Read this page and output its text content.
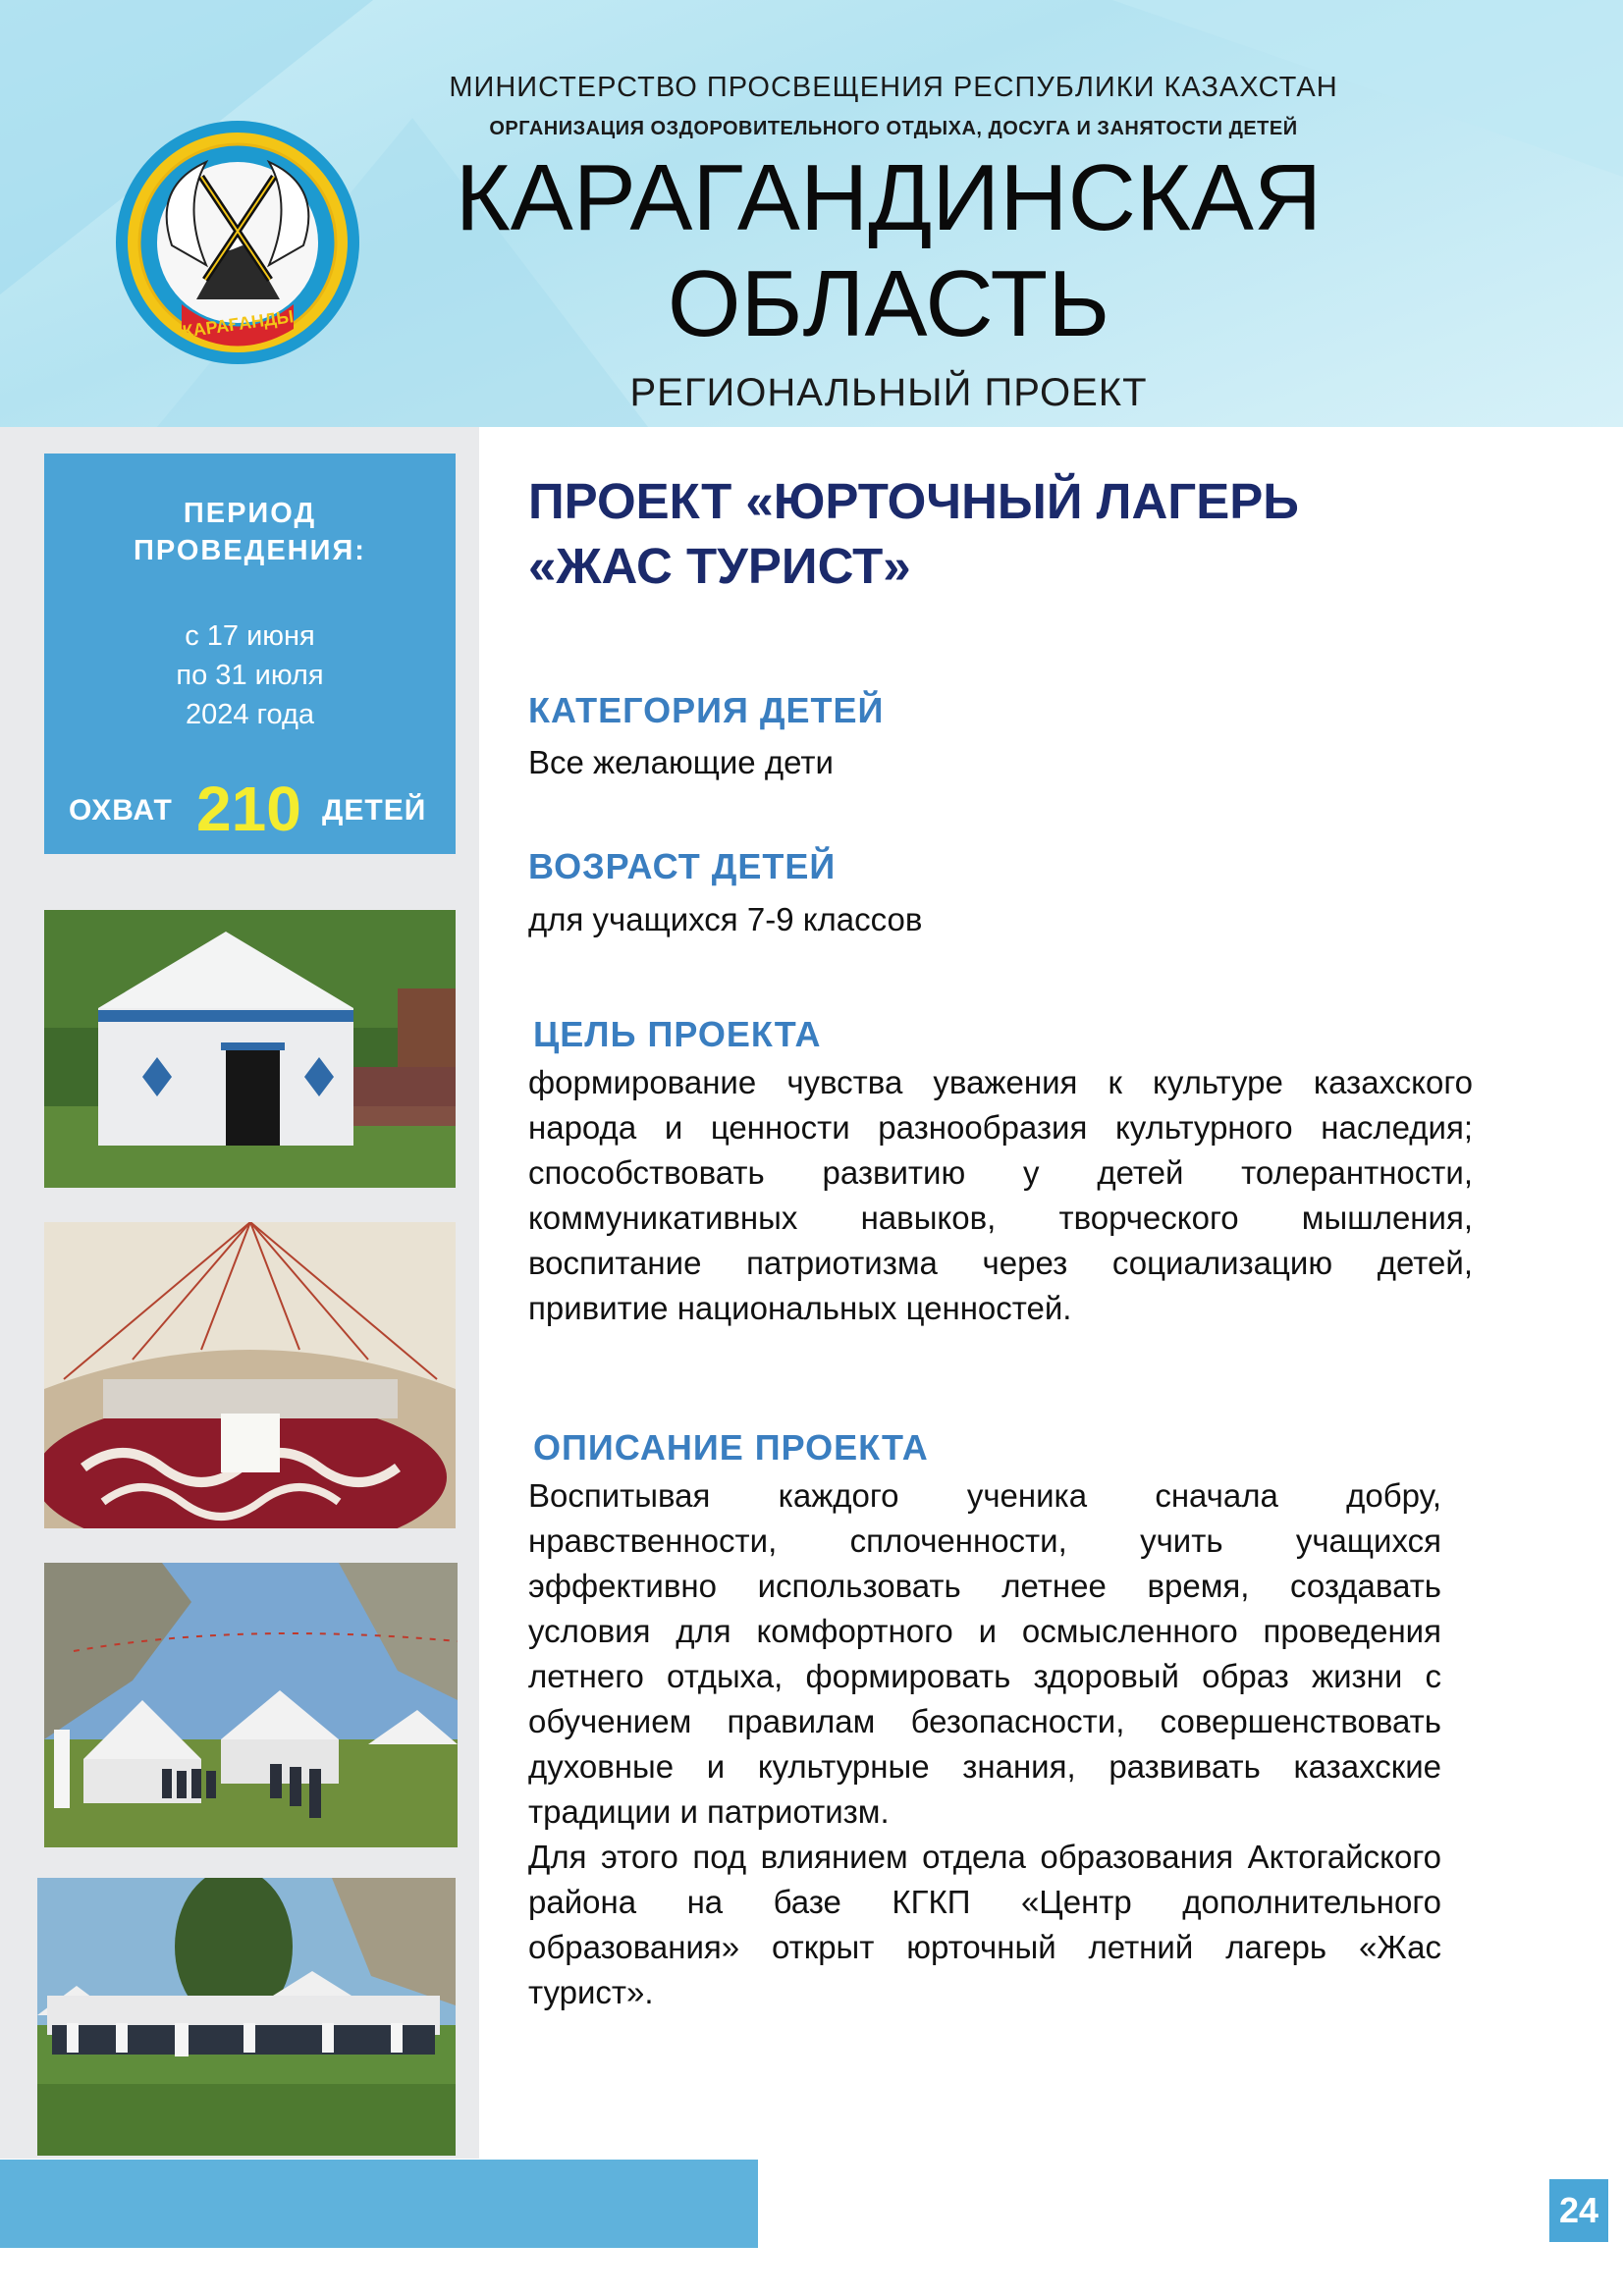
ҚАРАҒАНДЫ
МИНИСТЕРСТВО ПРОСВЕЩЕНИЯ РЕСПУБЛИКИ КАЗАХСТАН
ОРГАНИЗАЦИЯ ОЗДОРОВИТЕЛЬНОГО ОТДЫХА, ДОСУГА И ЗАНЯТОСТИ ДЕТЕЙ
КАРАГАНДИНСКАЯ
ОБЛАСТЬ
РЕГИОНАЛЬНЫЙ ПРОЕКТ
ПЕРИОД
ПРОВЕДЕНИЯ:
с 17 июня
по 31 июля
2024 года
ОХВАТ 210 ДЕТЕЙ
ПРОЕКТ «ЮРТОЧНЫЙ ЛАГЕРЬ
«ЖАС ТУРИСТ»
КАТЕГОРИЯ ДЕТЕЙ
Все желающие дети
ВОЗРАСТ ДЕТЕЙ
для учащихся 7-9 классов
ЦЕЛЬ ПРОЕКТА
формирование чувства уважения к культуре казахского народа и ценности разнообразия культурного наследия; способствовать развитию у детей толерантности, коммуникативных навыков, творческого мышления, воспитание патриотизма через социализацию детей, привитие национальных ценностей.
ОПИСАНИЕ ПРОЕКТА
Воспитывая каждого ученика сначала добру, нравственности, сплоченности, учить учащихся эффективно использовать летнее время, создавать условия для комфортного и осмысленного проведения летнего отдыха, формировать здоровый образ жизни с обучением правилам безопасности, совершенствовать духовные и культурные знания, развивать казахские традиции и патриотизм.
Для этого под влиянием отдела образования Актогайского района на базе КГКП «Центр дополнительного образования» открыт юрточный летний лагерь «Жас турист».
24
